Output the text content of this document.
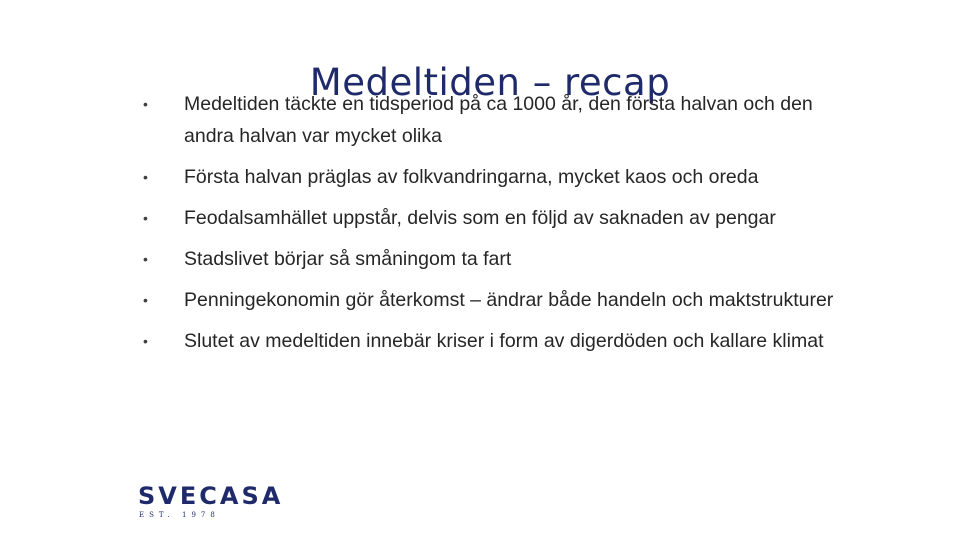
Medeltiden – recap
• Medeltiden täckte en tidsperiod på ca 1000 år, den första halvan och den andra halvan var mycket olika
• Första halvan präglas av folkvandringarna, mycket kaos och oreda
• Feodalsamhället uppstår, delvis som en följd av saknaden av pengar
• Stadslivet börjar så småningom ta fart
• Penningekonomin gör återkomst – ändrar både handeln och maktstrukturer
• Slutet av medeltiden innebär kriser i form av digerdöden och kallare klimat
SVECASA
EST. 1978
